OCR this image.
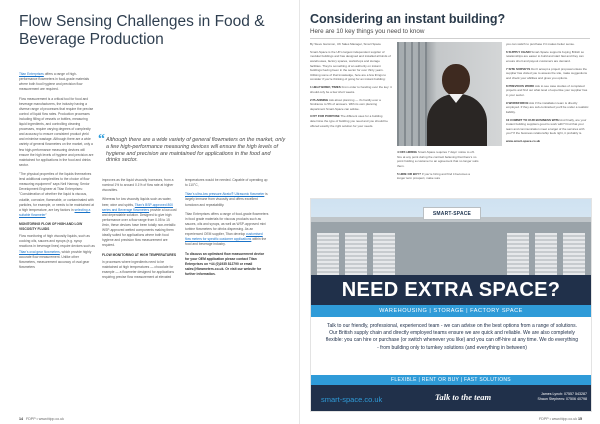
Flow Sensing Challenges in Food & Beverage Production

Titan Enterprises offers a range of high-performance flowmeters in food-grade materials where both food hygiene and precision flow measurement are required.

Flow measurement is a critical tool for food and beverage manufacturers, the industry having a diverse range of processes that require the precise control of liquid flow rates. Production processes including filling of vessels or bottles, measuring liquid ingredients, and controlling cleaning processes, require varying degrees of complexity and accuracy to ensure consistent product yield and minimise wastage. Although there are a wide variety of general flowmeters on the market, only a few high-performance measuring devices will ensure the high levels of hygiene and precision are maintained for applications in the food and drinks sector.

"The physical properties of the liquids themselves lend additional complexities to the choice of flow measuring equipment" says Neil Hannay, Senior Development Engineer at Titan Enterprises: "Consideration of whether the liquid is viscous, volatile, corrosive, flammable, or contaminated with particles, for example, or needs to be maintained at a high temperature, are key factors in selecting a suitable flowmeter"

MONITORING FLOW OF HIGH AND LOW VISCOSITY FLUIDS

Flow monitoring of high viscosity liquids, such as cooking oils, sauces and syrups (e.g. syrup reactions in beverage lines) require devices such as Titan's oval gear flowmeters, which provide highly accurate flow measurement. Unlike other flowmeters, measurement accuracy of oval gear flowmeters

“ Although there are a wide variety of general flowmeters on the market, only a few high-performance measuring devices will ensure the high levels of hygiene and precision are maintained for applications in the food and drinks sector.

improves as the liquid viscosity increases, from a nominal 1% to around 0.1% of flow rate at higher viscosities.

Whereas for low viscosity liquids such as water, beer, wine and spirits, Titan's BSP-approved 800 series and Beverage flowmeters provide a low-cost and dependable solution. Designed to give high performance over a flow range from 0.05 to 15 l/min, these devices have been totally non-metallic WSP-approved wetted components making them ideally suited for applications where both food hygiene and precision flow measurement are required.

FLOW MONITORING AT HIGH TEMPERATURES

In processes where ingredients need to be maintained at high temperatures — chocolate for example — a flowmeter designed for applications requiring precise flow measurement at elevated

temperatures would be needed. Capable of operating up to 110°C,

Titan's ultra-low pressure Atrato® Ultrasonic flowmeter is largely immune from viscosity and offers excellent turndown and repeatability.

Titan Enterprises offers a range of food-grade flowmeters in food grade materials for viscous products such as sauces, oils and syrups, as well as WSP-approved mini turbine flowmeters for drinks dispensing. As an experienced OEM supplier, Titan develop customised flow meters for specific customer applications within the food and beverage industry.

To discuss an optimised flow measurement device for your OEM application please contact Titan Enterprises on +44 (0)1935 812790 or email sales@flowmeters.co.uk. Or visit our website for further information.

14 FDPP • www.fdpp.co.uk
Considering an instant building?
Here are 10 key things you need to know

By Steve Gammon, UK Sales Manager, Smart Space

Smart-Space is the UK's largest independent supplier of modular buildings and has designed and installed all kinds of warehouses, factory spaces, workshops and storage facilities. They're something of an authority on instant buildings having been in the sector for over thirty years. Utilising some of that knowledge, here are a few things to consider if you're thinking of going for an instant building:

1 HELP BRIEF, TIMES From order to handing over the key: it should only be a few short weeks.

2 PLANNING Ask about planning — it's hardly ever a hindrance to 5% of answers. With its own planning department Smart-Space can advise.

3 FIT FOR PURPOSE The different uses for a building determine the type of building you need and you should be offered exactly the right solution for your needs.

4 OFF-HIRING Smart-Space requires 7 days' notice to off-hire at any point during the contract believing that there's no point holding a customer to an agreement that no longer suits them.

5 HIRE OR BUY? If you're hiring and find it becomes a longer term prospect, make sure

you can switch to purchase if it makes better sense.

6 SUPPLY CHAIN Smart-Space supports buying British so relationships are easier to build and start fast and they can ensure short and payout customers are demand.

7 SITE SURVEYS Don't accept a project proposal unless the supplier has visited you to assess the site, make suggestions and check your abilities and gives you options.

8 PREVIOUS WORK Ask to see case studies of completed projects and find out what level of expertise your supplier has in your sector.

9 WORKFORCE Ask if the installation team is directly employed. If they are sub-contracted you'll be under a realistic liability.

10 COMMIT TO OUR BUSINESS WITH And finally, are your instant building suppliers good to work with? Find that your team and communication meet a target of the services with you? If the business relationship feels right, it probably is.

www.smart-space.co.uk

SMART-SPACE
NEED EXTRA SPACE?
WAREHOUSING | STORAGE | FACTORY SPACE
Talk to our friendly, professional, experienced team - we can advise on the best options from a range of solutions. Our British supply chain and directly employed teams ensure we are quick and reliable. We are also completely flexible: you can hire or purchase (or switch whenever you like) and you can off-hire at any time. We do everything - from building only to turnkey solutions (and everything in between)
FLEXIBLE | RENT OR BUY | FAST SOLUTIONS
smart-space.co.uk	Talk to the team	James Lynch: 07557 543287
Shaun Stephens: 07506 40798
FDPP • www.fdpp.co.uk 15
